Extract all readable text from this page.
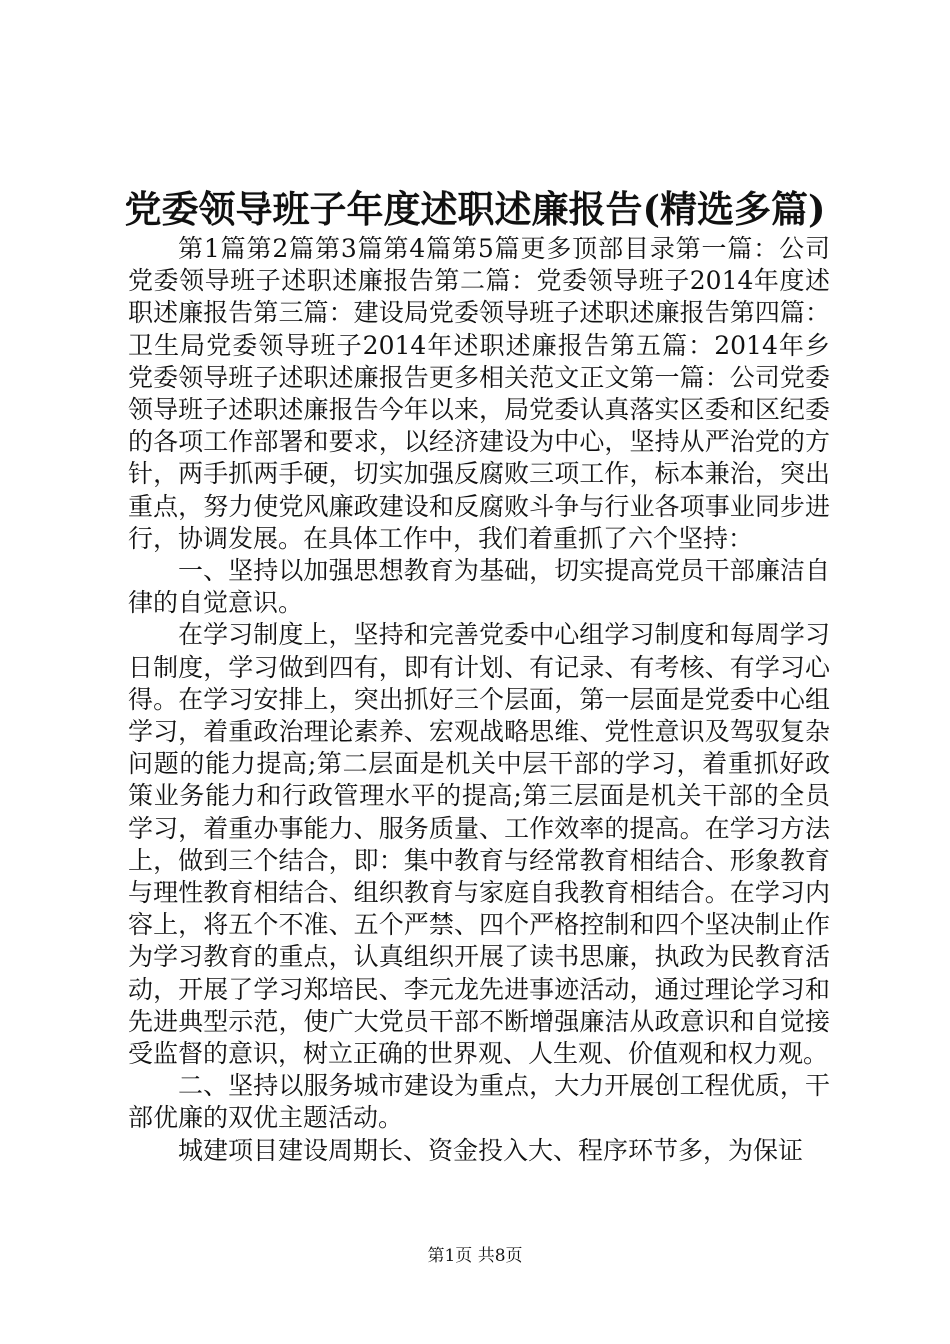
党委领导班子年度述职述廉报告(精选多篇)

第1篇第2篇第3篇第4篇第5篇更多顶部目录第一篇：公司党委领导班子述职述廉报告第二篇：党委领导班子2014年度述职述廉报告第三篇：建设局党委领导班子述职述廉报告第四篇：卫生局党委领导班子2014年述职述廉报告第五篇：2014年乡党委领导班子述职述廉报告更多相关范文正文第一篇：公司党委领导班子述职述廉报告今年以来，局党委认真落实区委和区纪委的各项工作部署和要求，以经济建设为中心，坚持从严治党的方针，两手抓两手硬，切实加强反腐败三项工作，标本兼治，突出重点，努力使党风廉政建设和反腐败斗争与行业各项事业同步进行，协调发展。在具体工作中，我们着重抓了六个坚持：

一、坚持以加强思想教育为基础，切实提高党员干部廉洁自律的自觉意识。

在学习制度上，坚持和完善党委中心组学习制度和每周学习日制度，学习做到四有，即有计划、有记录、有考核、有学习心得。在学习安排上，突出抓好三个层面，第一层面是党委中心组学习，着重政治理论素养、宏观战略思维、党性意识及驾驭复杂问题的能力提高;第二层面是机关中层干部的学习，着重抓好政策业务能力和行政管理水平的提高;第三层面是机关干部的全员学习，着重办事能力、服务质量、工作效率的提高。在学习方法上，做到三个结合，即：集中教育与经常教育相结合、形象教育与理性教育相结合、组织教育与家庭自我教育相结合。在学习内容上，将五个不准、五个严禁、四个严格控制和四个坚决制止作为学习教育的重点，认真组织开展了读书思廉，执政为民教育活动，开展了学习郑培民、李元龙先进事迹活动，通过理论学习和先进典型示范，使广大党员干部不断增强廉洁从政意识和自觉接受监督的意识，树立正确的世界观、人生观、价值观和权力观。

二、坚持以服务城市建设为重点，大力开展创工程优质，干部优廉的双优主题活动。

城建项目建设周期长、资金投入大、程序环节多，为保证

第1页 共8页
